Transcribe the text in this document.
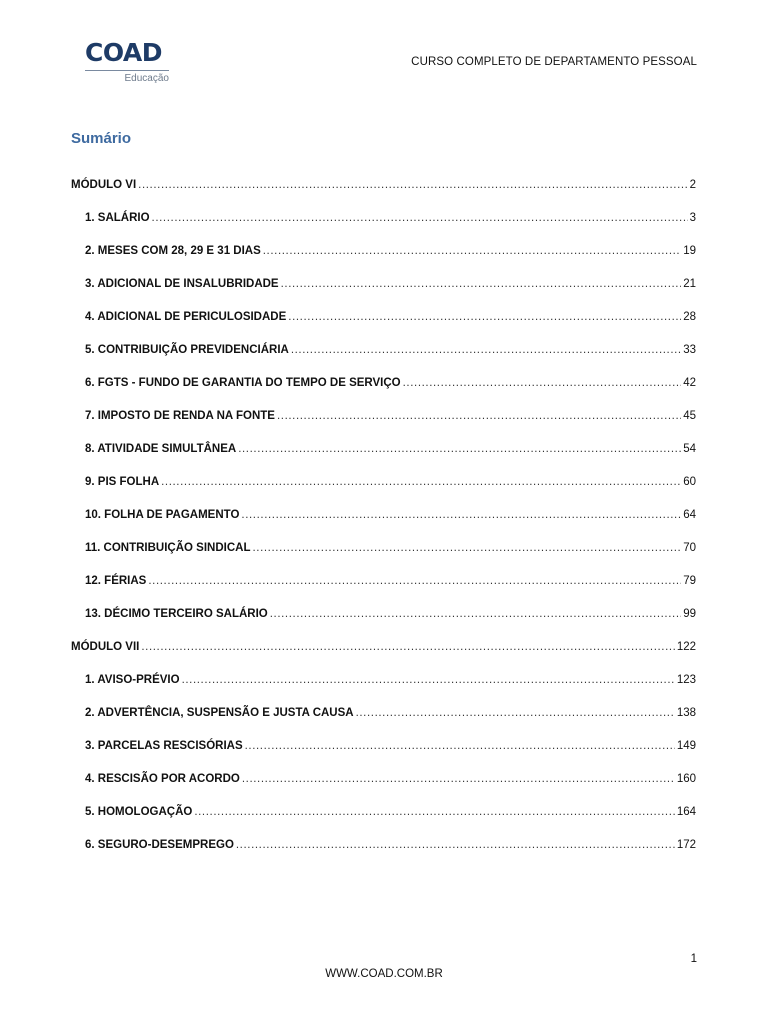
COAD
Educação
CURSO COMPLETO DE DEPARTAMENTO PESSOAL
Sumário
MÓDULO VI .....	2
1. SALÁRIO .....	3
2. MESES COM 28, 29 E 31 DIAS .....	19
3. ADICIONAL DE INSALUBRIDADE .....	21
4. ADICIONAL DE PERICULOSIDADE .....	28
5. CONTRIBUIÇÃO PREVIDENCIÁRIA .....	33
6. FGTS - FUNDO DE GARANTIA DO TEMPO DE SERVIÇO .....	42
7. IMPOSTO DE RENDA NA FONTE .....	45
8. ATIVIDADE SIMULTÂNEA .....	54
9. PIS FOLHA .....	60
10. FOLHA DE PAGAMENTO .....	64
11. CONTRIBUIÇÃO SINDICAL .....	70
12. FÉRIAS .....	79
13. DÉCIMO TERCEIRO SALÁRIO .....	99
MÓDULO VII .....	122
1. AVISO-PRÉVIO .....	123
2. ADVERTÊNCIA, SUSPENSÃO E JUSTA CAUSA .....	138
3. PARCELAS RESCISÓRIAS .....	149
4. RESCISÃO POR ACORDO .....	160
5. HOMOLOGAÇÃO .....	164
6. SEGURO-DESEMPREGO .....	172
1
WWW.COAD.COM.BR
